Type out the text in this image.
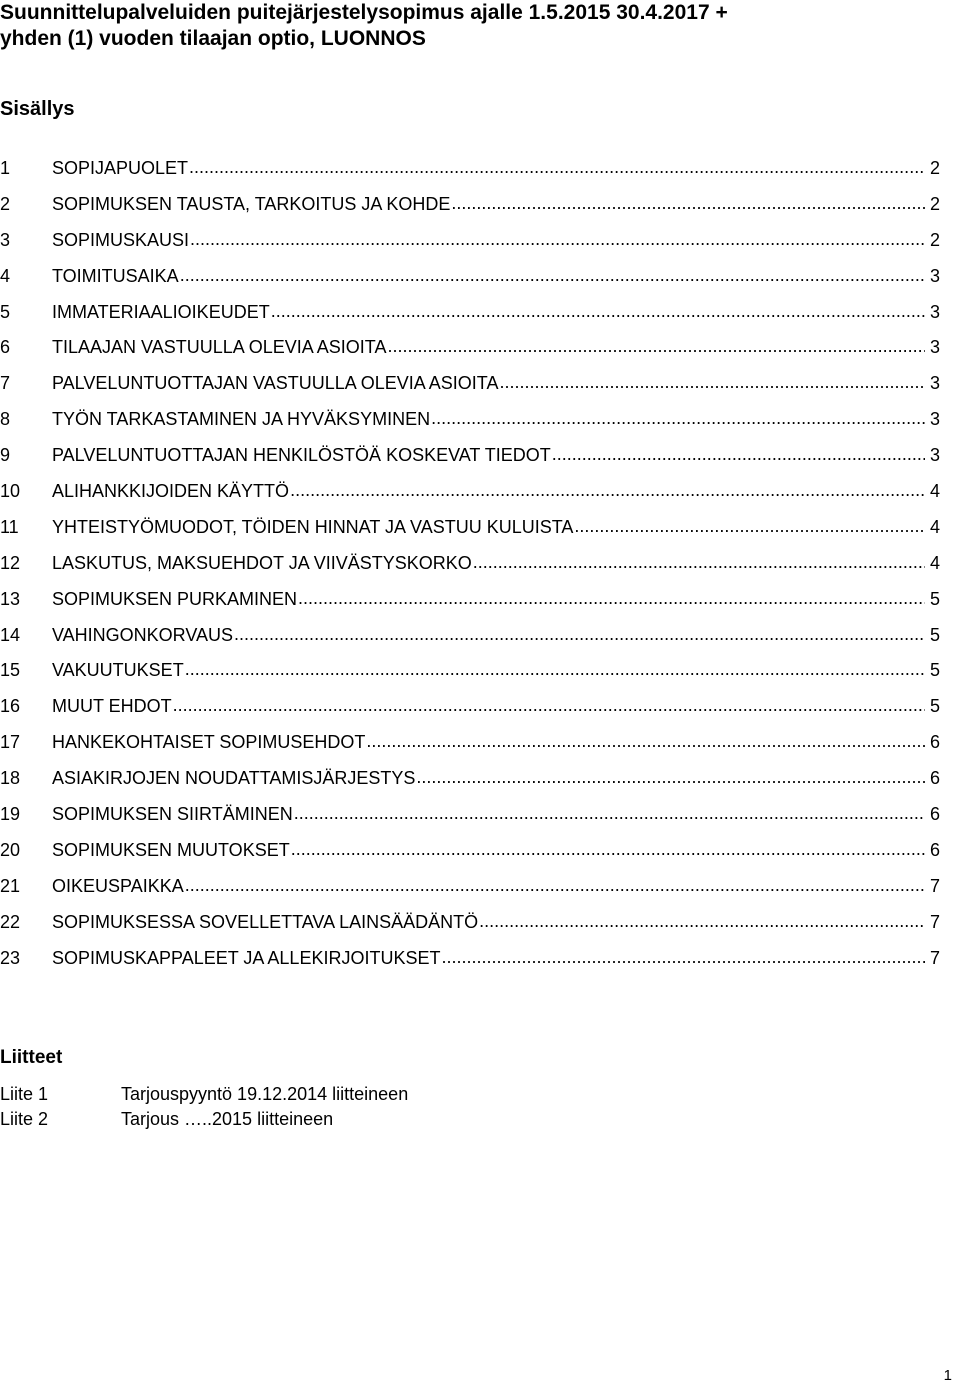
Suunnittelupalveluiden puitejärjestelysopimus ajalle 1.5.2015 30.4.2017 +
yhden (1) vuoden tilaajan optio, LUONNOS
Sisällys
1	SOPIJAPUOLET .....	2
2	SOPIMUKSEN TAUSTA, TARKOITUS JA KOHDE .....	2
3	SOPIMUSKAUSI .....	2
4	TOIMITUSAIKA .....	3
5	IMMATERIAALIOIKEUDET .....	3
6	TILAAJAN VASTUULLA OLEVIA ASIOITA .....	3
7	PALVELUNTUOTTAJAN VASTUULLA OLEVIA ASIOITA .....	3
8	TYÖN TARKASTAMINEN JA HYVÄKSYMINEN .....	3
9	PALVELUNTUOTTAJAN HENKILÖSTÖÄ KOSKEVAT TIEDOT .....	3
10	ALIHANKKIJOIDEN KÄYTTÖ .....	4
11	YHTEISTYÖMUODOT, TÖIDEN HINNAT JA VASTUU KULUISTA .....	4
12	LASKUTUS, MAKSUEHDOT JA VIIVÄSTYSKORKO .....	4
13	SOPIMUKSEN PURKAMINEN .....	5
14	VAHINGONKORVAUS .....	5
15	VAKUUTUKSET .....	5
16	MUUT EHDOT .....	5
17	HANKEKOHTAISET SOPIMUSEHDOT .....	6
18	ASIAKIRJOJEN NOUDATTAMISJÄRJESTYS .....	6
19	SOPIMUKSEN SIIRTÄMINEN .....	6
20	SOPIMUKSEN MUUTOKSET .....	6
21	OIKEUSPAIKKA .....	7
22	SOPIMUKSESSA SOVELLETTAVA LAINSÄÄDÄNTÖ .....	7
23	SOPIMUSKAPPALEET JA ALLEKIRJOITUKSET .....	7
Liitteet
Liite 1	Tarjouspyyntö 19.12.2014 liitteineen
Liite 2	Tarjous …..2015 liitteineen
1
